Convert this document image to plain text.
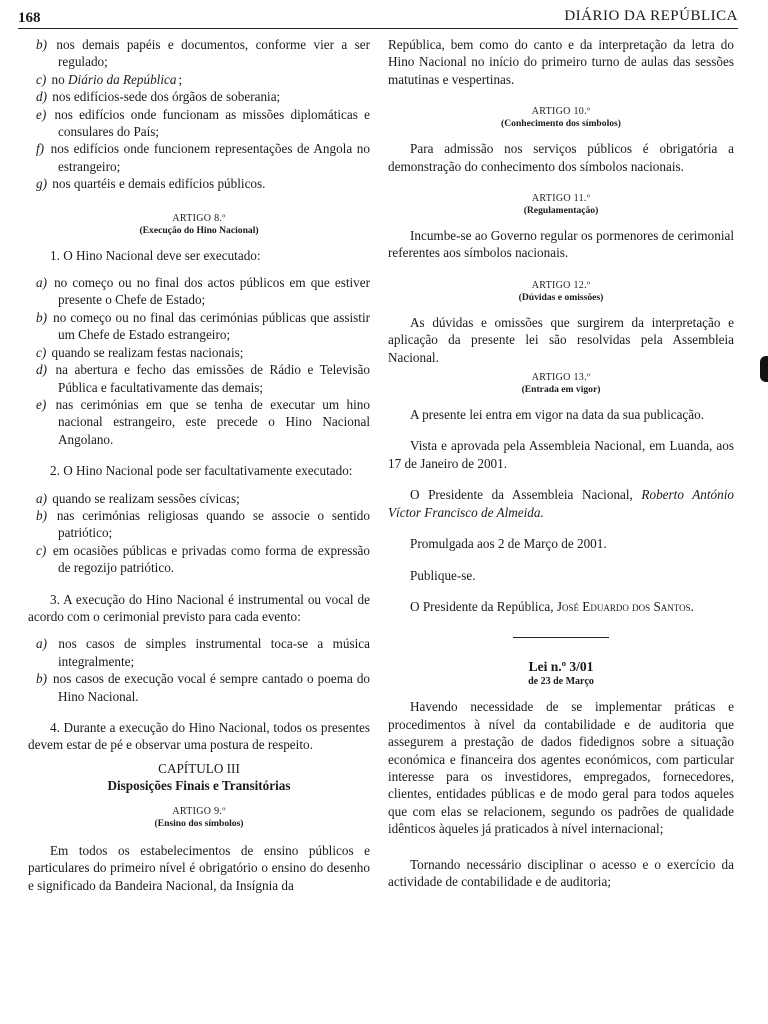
168	DIÁRIO DA REPÚBLICA

b) nos demais papéis e documentos, conforme vier a ser regulado;

c) no Diário da República ;

d) nos edifícios-sede dos órgãos de soberania;

e) nos edifícios onde funcionam as missões diplomáticas e consulares do País;

f) nos edifícios onde funcionem representações de Angola no estrangeiro;

g) nos quartéis e demais edifícios públicos.

ARTIGO 8.º

(Execução do Hino Nacional)

1. O Hino Nacional deve ser executado:

a) no começo ou no final dos actos públicos em que estiver presente o Chefe de Estado;

b) no começo ou no final das cerimónias públicas que assistir um Chefe de Estado estrangeiro;

c) quando se realizam festas nacionais;

d) na abertura e fecho das emissões de Rádio e Televisão Pública e facultativamente das demais;

e) nas cerimónias em que se tenha de executar um hino nacional estrangeiro, este precede o Hino Nacional Angolano.

2. O Hino Nacional pode ser facultativamente executado:

a) quando se realizam sessões cívicas;

b) nas cerimónias religiosas quando se associe o sentido patriótico;

c) em ocasiões públicas e privadas como forma de expressão de regozijo patriótico.

3. A execução do Hino Nacional é instrumental ou vocal de acordo com o cerimonial previsto para cada evento:

a) nos casos de simples instrumental toca-se a música integralmente;

b) nos casos de execução vocal é sempre cantado o poema do Hino Nacional.

4. Durante a execução do Hino Nacional, todos os presentes devem estar de pé e observar uma postura de respeito.

CAPÍTULO III

Disposições Finais e Transitórias

ARTIGO 9.º

(Ensino dos símbolos)

Em todos os estabelecimentos de ensino públicos e particulares do primeiro nível é obrigatório o ensino do desenho e significado da Bandeira Nacional, da Insígnia da

República, bem como do canto e da interpretação da letra do Hino Nacional no início do primeiro turno de aulas das sessões matutinas e vespertinas.

ARTIGO 10.º

(Conhecimento dos símbolos)

Para admissão nos serviços públicos é obrigatória a demonstração do conhecimento dos símbolos nacionais.

ARTIGO 11.º

(Regulamentação)

Incumbe-se ao Governo regular os pormenores de cerimonial referentes aos símbolos nacionais.

ARTIGO 12.º

(Dúvidas e omissões)

As dúvidas e omissões que surgirem da interpretação e aplicação da presente lei são resolvidas pela Assembleia Nacional.

ARTIGO 13.º

(Entrada em vigor)

A presente lei entra em vigor na data da sua publicação.

Vista e aprovada pela Assembleia Nacional, em Luanda, aos 17 de Janeiro de 2001.

O Presidente da Assembleia Nacional, Roberto António Víctor Francisco de Almeida.

Promulgada aos 2 de Março de 2001.

Publique-se.

O Presidente da República, José Eduardo dos Santos.

Lei n.º 3/01

de 23 de Março

Havendo necessidade de se implementar práticas e procedimentos à nível da contabilidade e de auditoria que assegurem a prestação de dados fidedignos sobre a situação económica e financeira dos agentes económicos, com particular interesse para os investidores, empregados, fornecedores, clientes, entidades públicas e de modo geral para todos aqueles que com elas se relacionem, segundo os padrões de qualidade idênticos àqueles já praticados à nível internacional;

Tornando necessário disciplinar o acesso e o exercício da actividade de contabilidade e de auditoria;
